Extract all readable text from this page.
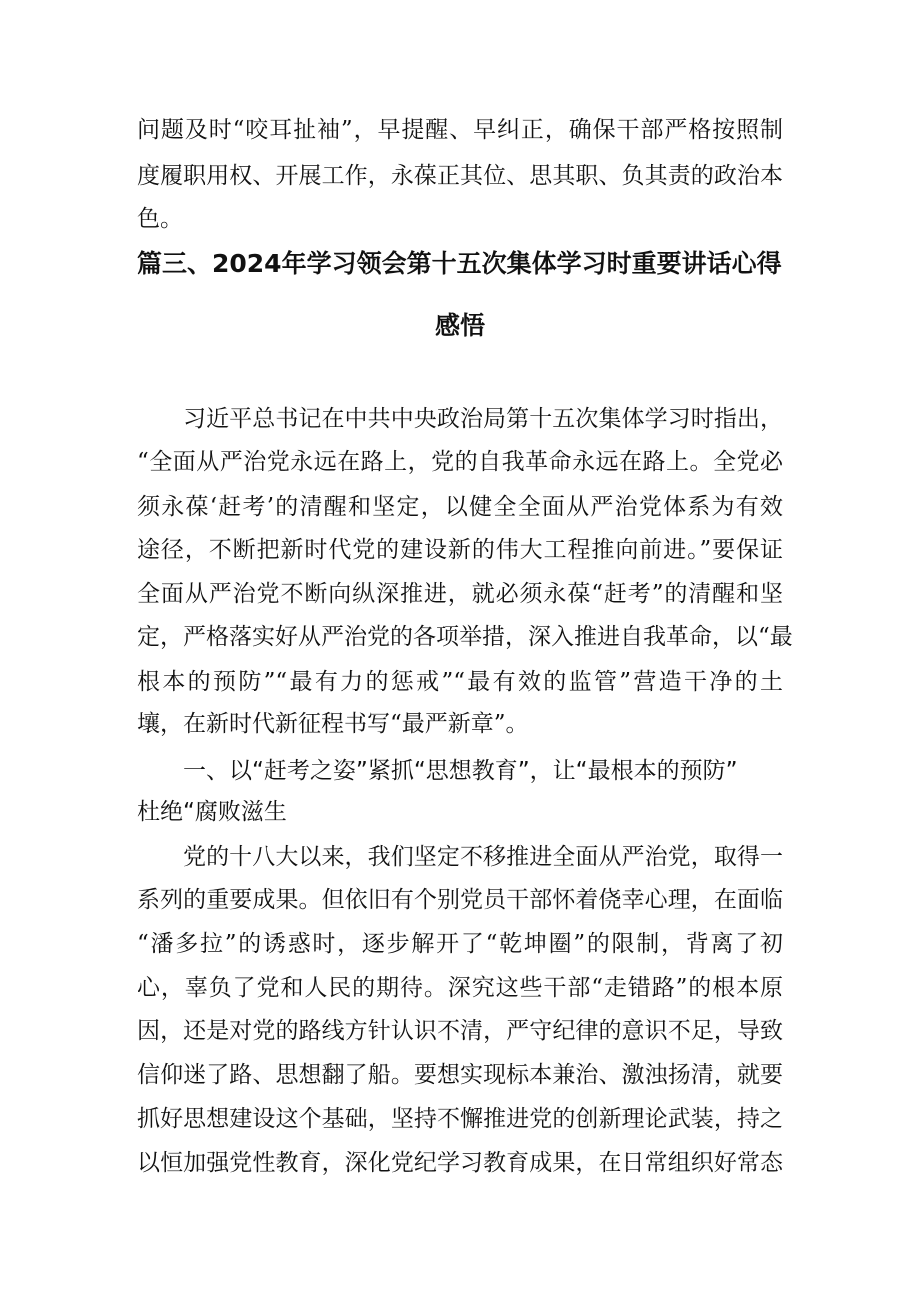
问题及时“咬耳扯袖”，早提醒、早纠正，确保干部严格按照制
度履职用权、开展工作，永葆正其位、思其职、负其责的政治本
色。
篇三、2024年学习领会第十五次集体学习时重要讲话心得
感悟
习近平总书记在中共中央政治局第十五次集体学习时指出，
“全面从严治党永远在路上，党的自我革命永远在路上。全党必
须永葆‘赶考’的清醒和坚定，以健全全面从严治党体系为有效
途径，不断把新时代党的建设新的伟大工程推向前进。”要保证
全面从严治党不断向纵深推进，就必须永葆“赶考”的清醒和坚
定，严格落实好从严治党的各项举措，深入推进自我革命，以“最
根本的预防”“最有力的惩戒”“最有效的监管”营造干净的土
壤，在新时代新征程书写“最严新章”。
一、以“赶考之姿”紧抓“思想教育”，让“最根本的预防”
杜绝“腐败滋生
党的十八大以来，我们坚定不移推进全面从严治党，取得一
系列的重要成果。但依旧有个别党员干部怀着侥幸心理，在面临
“潘多拉”的诱惑时，逐步解开了“乾坤圈”的限制，背离了初
心，辜负了党和人民的期待。深究这些干部“走错路”的根本原
因，还是对党的路线方针认识不清，严守纪律的意识不足，导致
信仰迷了路、思想翻了船。要想实现标本兼治、激浊扬清，就要
抓好思想建设这个基础，坚持不懈推进党的创新理论武装，持之
以恒加强党性教育，深化党纪学习教育成果，在日常组织好常态
